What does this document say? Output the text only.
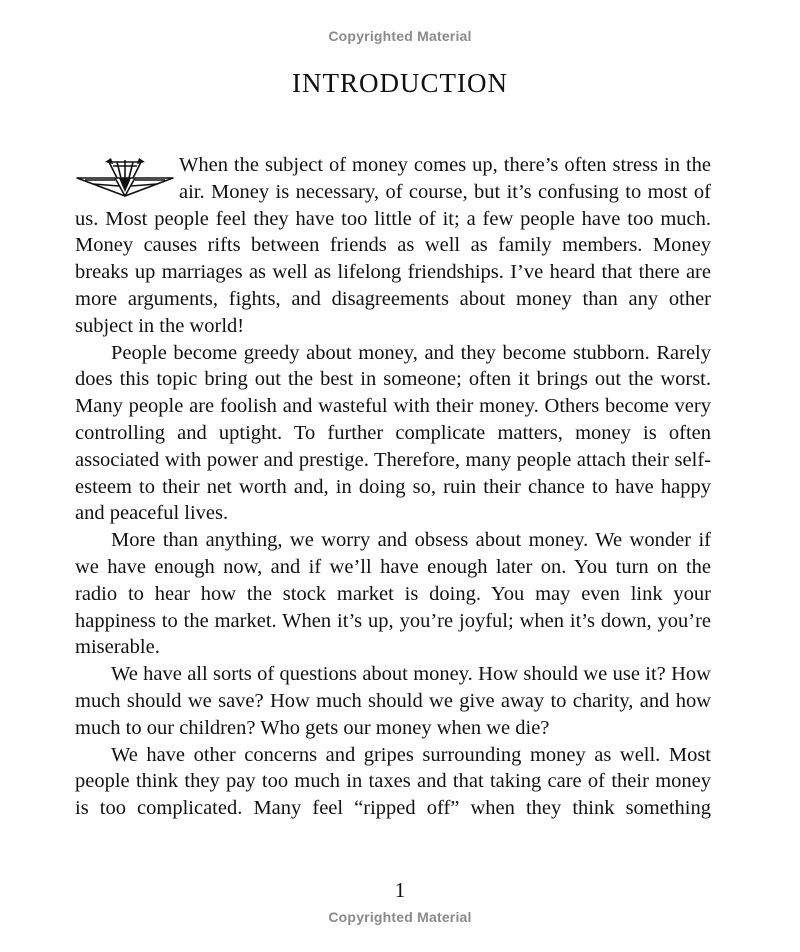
Copyrighted Material
INTRODUCTION

When the subject of money comes up, there’s often stress in the air. Money is necessary, of course, but it’s confusing to most of us. Most people feel they have too little of it; a few people have too much. Money causes rifts between friends as well as family members. Money breaks up marriages as well as lifelong friendships. I’ve heard that there are more arguments, fights, and disagreements about money than any other subject in the world!

People become greedy about money, and they become stubborn. Rarely does this topic bring out the best in someone; often it brings out the worst. Many people are foolish and wasteful with their money. Others become very controlling and uptight. To further complicate matters, money is often associated with power and prestige. Therefore, many people attach their self-esteem to their net worth and, in doing so, ruin their chance to have happy and peaceful lives.

More than anything, we worry and obsess about money. We wonder if we have enough now, and if we’ll have enough later on. You turn on the radio to hear how the stock market is doing. You may even link your happiness to the market. When it’s up, you’re joyful; when it’s down, you’re miserable.

We have all sorts of questions about money. How should we use it? How much should we save? How much should we give away to charity, and how much to our children? Who gets our money when we die?

We have other concerns and gripes surrounding money as well. Most people think they pay too much in taxes and that taking care of their money is too complicated. Many feel “ripped off” when they think something

1
Copyrighted Material
